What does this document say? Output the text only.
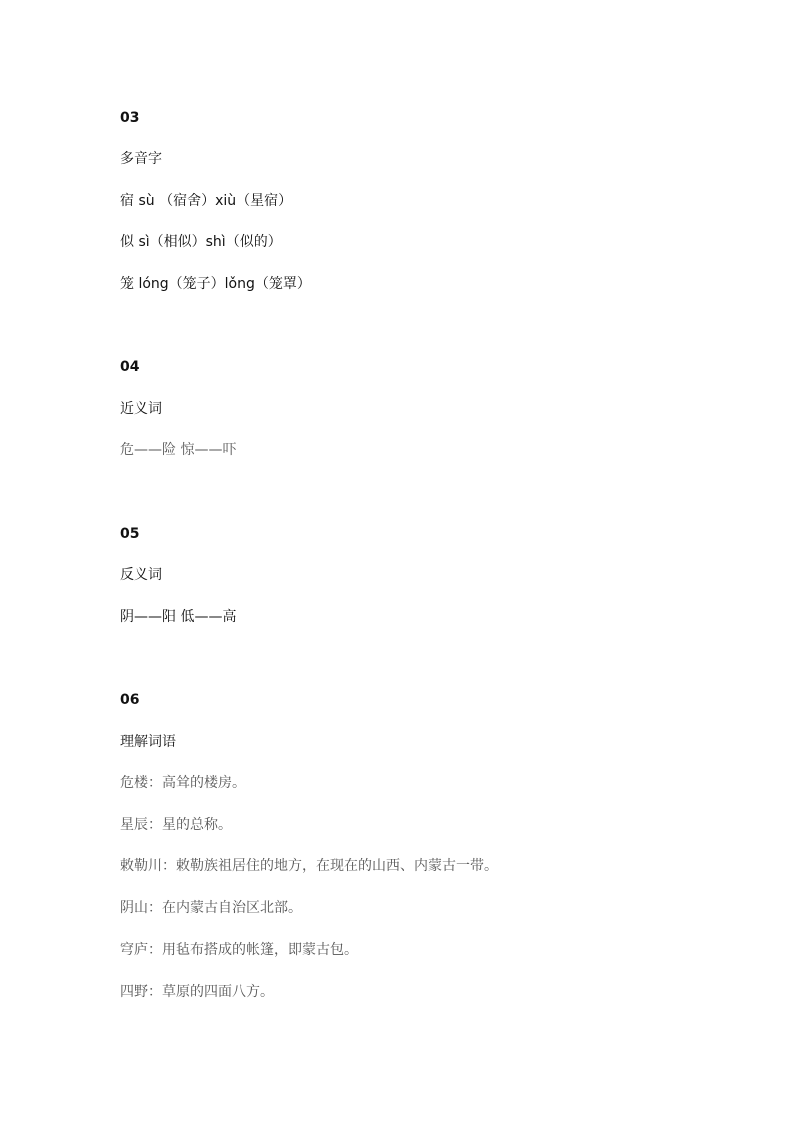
03
多音字
宿 sù （宿舍）xiù（星宿）
似 sì（相似）shì（似的）
笼 lóng（笼子）lǒng（笼罩）
04
近义词
危——险 惊——吓
05
反义词
阴——阳 低——高
06
理解词语
危楼：高耸的楼房。
星辰：星的总称。
敕勒川：敕勒族祖居住的地方，在现在的山西、内蒙古一带。
阴山：在内蒙古自治区北部。
穹庐：用毡布搭成的帐篷，即蒙古包。
四野：草原的四面八方。
